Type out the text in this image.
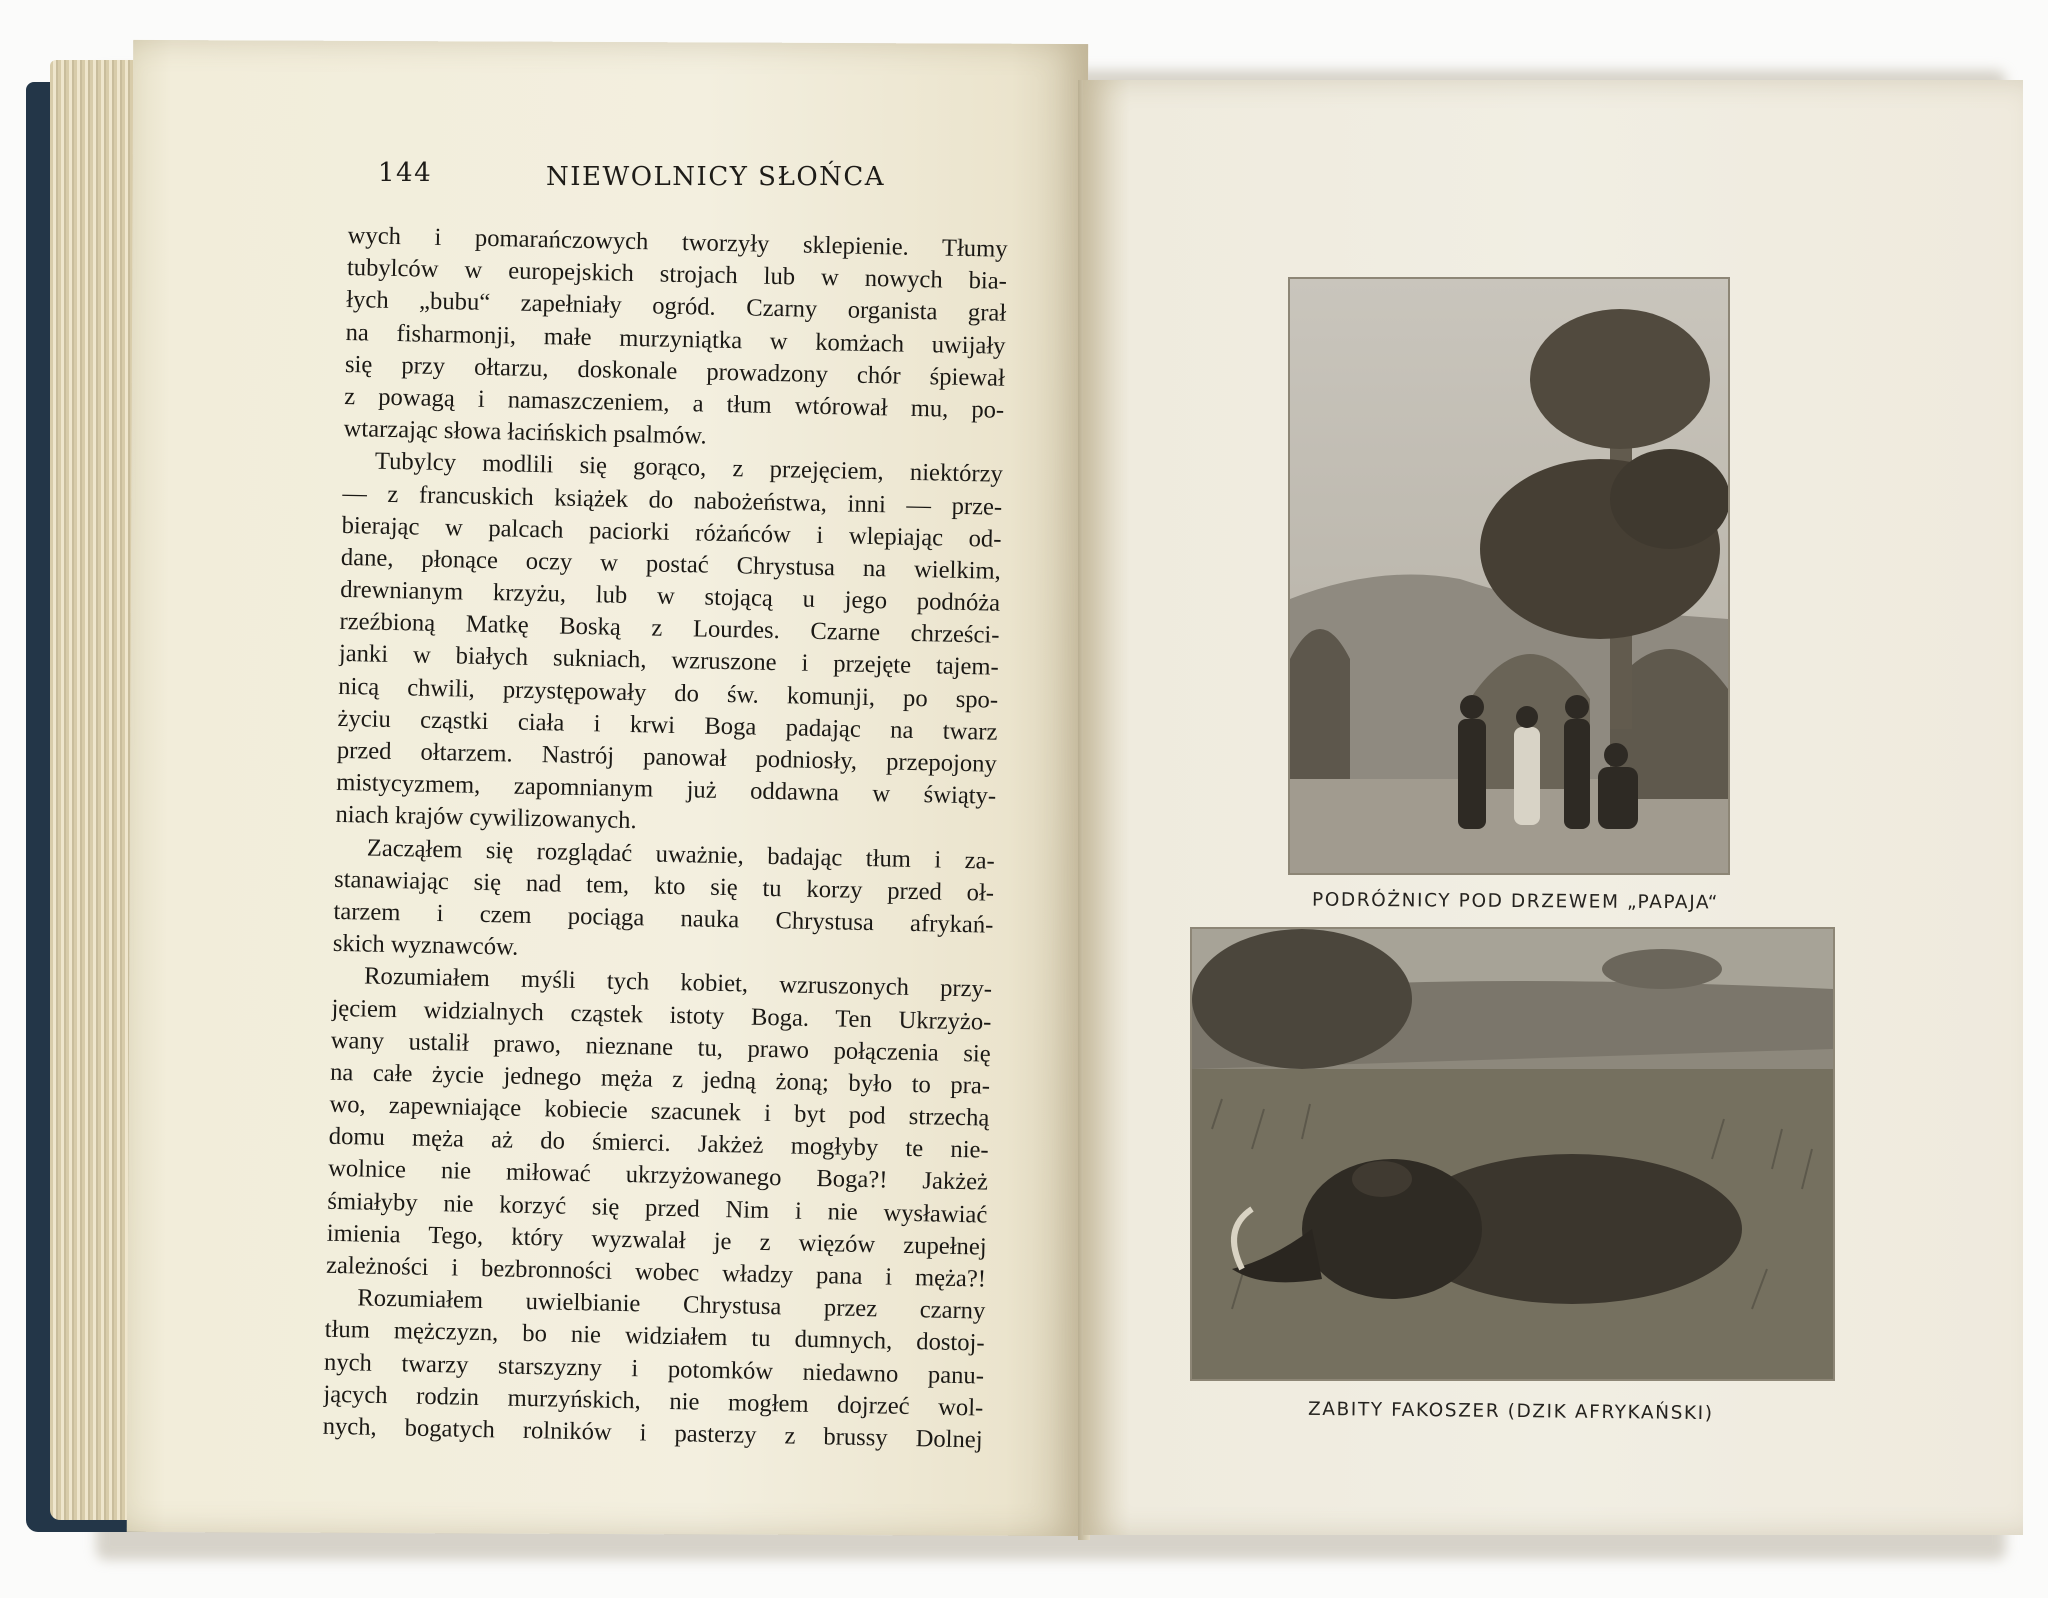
144	NIEWOLNICY SŁOŃCA
wych i pomarańczowych tworzyły sklepienie. Tłumy
tubylców w europejskich strojach lub w nowych bia-
łych „bubu“ zapełniały ogród. Czarny organista grał
na fisharmonji, małe murzyniątka w komżach uwijały
się przy ołtarzu, doskonale prowadzony chór śpiewał
z powagą i namaszczeniem, a tłum wtórował mu, po-
wtarzając słowa łacińskich psalmów.
Tubylcy modlili się gorąco, z przejęciem, niektórzy
— z francuskich książek do nabożeństwa, inni — prze-
bierając w palcach paciorki różańców i wlepiając od-
dane, płonące oczy w postać Chrystusa na wielkim,
drewnianym krzyżu, lub w stojącą u jego podnóża
rzeźbioną Matkę Boską z Lourdes. Czarne chrześci-
janki w białych sukniach, wzruszone i przejęte tajem-
nicą chwili, przystępowały do św. komunji, po spo-
życiu cząstki ciała i krwi Boga padając na twarz
przed ołtarzem. Nastrój panował podniosły, przepojony
mistycyzmem, zapomnianym już oddawna w świąty-
niach krajów cywilizowanych.
Zacząłem się rozglądać uważnie, badając tłum i za-
stanawiając się nad tem, kto się tu korzy przed oł-
tarzem i czem pociąga nauka Chrystusa afrykań-
skich wyznawców.
Rozumiałem myśli tych kobiet, wzruszonych przy-
jęciem widzialnych cząstek istoty Boga. Ten Ukrzyżo-
wany ustalił prawo, nieznane tu, prawo połączenia się
na całe życie jednego męża z jedną żoną; było to pra-
wo, zapewniające kobiecie szacunek i byt pod strzechą
domu męża aż do śmierci. Jakżeż mogłyby te nie-
wolnice nie miłować ukrzyżowanego Boga?! Jakżeż
śmiałyby nie korzyć się przed Nim i nie wysławiać
imienia Tego, który wyzwalał je z więzów zupełnej
zależności i bezbronności wobec władzy pana i męża?!
Rozumiałem uwielbianie Chrystusa przez czarny
tłum mężczyzn, bo nie widziałem tu dumnych, dostoj-
nych twarzy starszyzny i potomków niedawno panu-
jących rodzin murzyńskich, nie mogłem dojrzeć wol-
nych, bogatych rolników i pasterzy z brussy Dolnej
PODRÓŻNICY POD DRZEWEM „PAPAJA“
ZABITY FAKOSZER (DZIK AFRYKAŃSKI)
